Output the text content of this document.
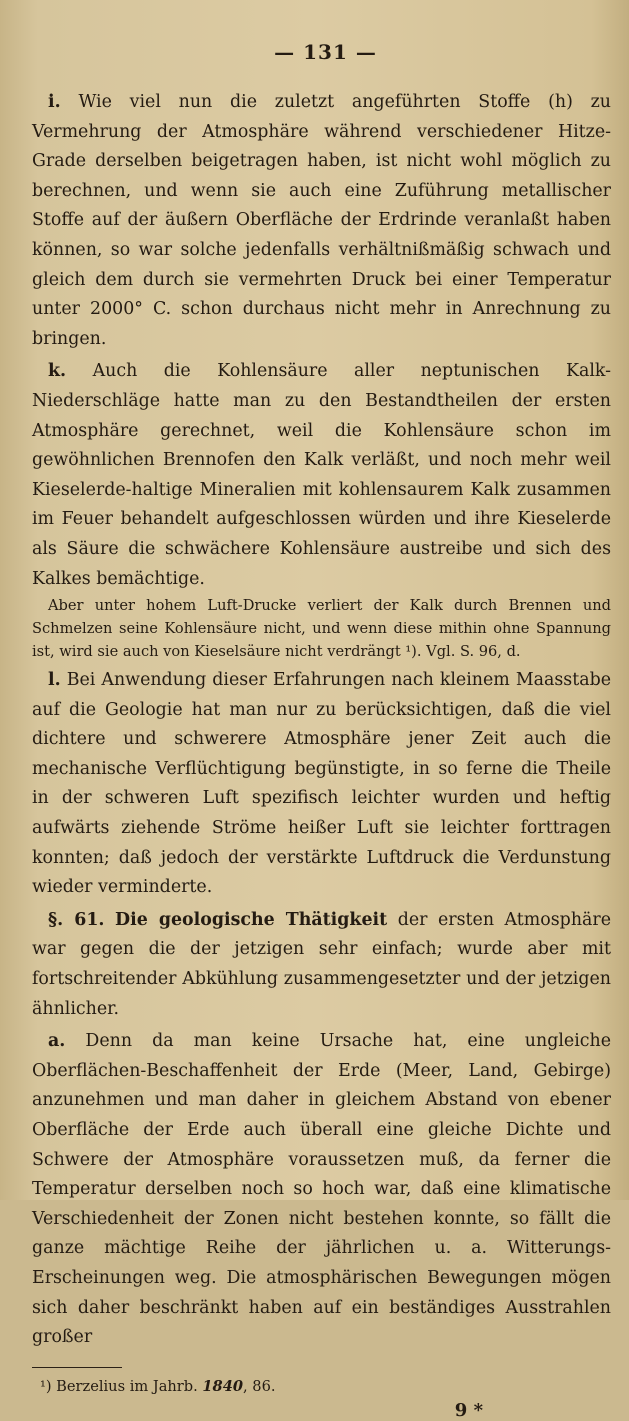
— 131 —

i. Wie viel nun die zuletzt angeführten Stoffe (h) zu Vermehrung der Atmosphäre während verschiedener Hitze-Grade derselben beigetragen haben, ist nicht wohl möglich zu berechnen, und wenn sie auch eine Zuführung metallischer Stoffe auf der äußern Oberfläche der Erdrinde veranlaßt haben können, so war solche jedenfalls verhältnißmäßig schwach und gleich dem durch sie vermehrten Druck bei einer Temperatur unter 2000° C. schon durchaus nicht mehr in Anrechnung zu bringen.

k. Auch die Kohlensäure aller neptunischen Kalk-Niederschläge hatte man zu den Bestandtheilen der ersten Atmosphäre gerechnet, weil die Kohlensäure schon im gewöhnlichen Brennofen den Kalk verläßt, und noch mehr weil Kieselerde-haltige Mineralien mit kohlensaurem Kalk zusammen im Feuer behandelt aufgeschlossen würden und ihre Kieselerde als Säure die schwächere Kohlensäure austreibe und sich des Kalkes bemächtige.

Aber unter hohem Luft-Drucke verliert der Kalk durch Brennen und Schmelzen seine Kohlensäure nicht, und wenn diese mithin ohne Spannung ist, wird sie auch von Kieselsäure nicht verdrängt ¹). Vgl. S. 96, d.

l. Bei Anwendung dieser Erfahrungen nach kleinem Maasstabe auf die Geologie hat man nur zu berücksichtigen, daß die viel dichtere und schwerere Atmosphäre jener Zeit auch die mechanische Verflüchtigung begünstigte, in so ferne die Theile in der schweren Luft spezifisch leichter wurden und heftig aufwärts ziehende Ströme heißer Luft sie leichter forttragen konnten; daß jedoch der verstärkte Luftdruck die Verdunstung wieder verminderte.

§. 61. Die geologische Thätigkeit der ersten Atmosphäre war gegen die der jetzigen sehr einfach; wurde aber mit fortschreitender Abkühlung zusammengesetzter und der jetzigen ähnlicher.

a. Denn da man keine Ursache hat, eine ungleiche Oberflächen-Beschaffenheit der Erde (Meer, Land, Gebirge) anzunehmen und man daher in gleichem Abstand von ebener Oberfläche der Erde auch überall eine gleiche Dichte und Schwere der Atmosphäre voraussetzen muß, da ferner die Temperatur derselben noch so hoch war, daß eine klimatische Verschiedenheit der Zonen nicht bestehen konnte, so fällt die ganze mächtige Reihe der jährlichen u. a. Witterungs-Erscheinungen weg. Die atmosphärischen Bewegungen mögen sich daher beschränkt haben auf ein beständiges Ausstrahlen großer

¹) Berzelius im Jahrb. 1840, 86.

9 *
